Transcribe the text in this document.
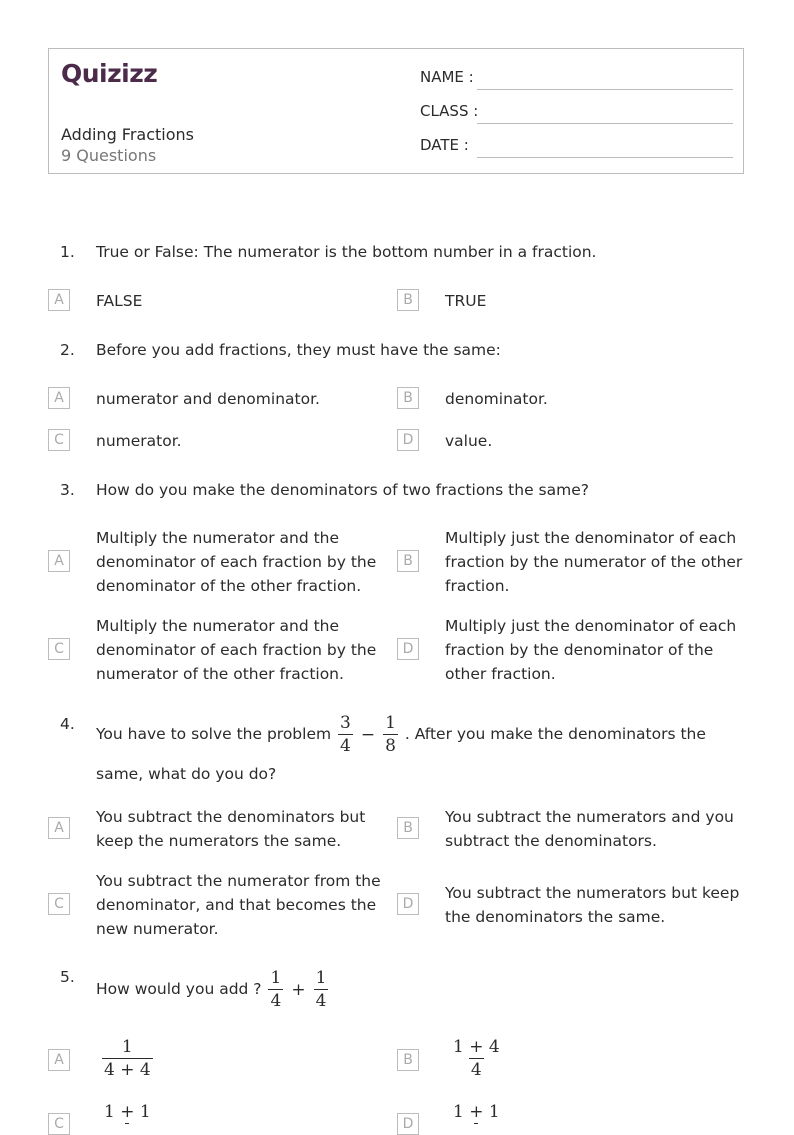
Quizizz
Adding Fractions
9 Questions
NAME :
CLASS :
DATE :
1. True or False: The numerator is the bottom number in a fraction.
A	FALSE	B	TRUE
2. Before you add fractions, they must have the same:
A	numerator and denominator.	B	denominator.
C	numerator.	D	value.
3. How do you make the denominators of two fractions the same?
A
Multiply the numerator and the denominator of each fraction by the denominator of the other fraction.
B
Multiply just the denominator of each fraction by the numerator of the other fraction.
C
Multiply the numerator and the denominator of each fraction by the numerator of the other fraction.
D
Multiply just the denominator of each fraction by the denominator of the other fraction.
4.
You have to solve the problem $\frac{3}{4} - \frac{1}{8}$ . After you make the denominators the same, what do you do?
A
You subtract the denominators but keep the numerators the same.
B
You subtract the numerators and you subtract the denominators.
C
You subtract the numerator from the denominator, and that becomes the new numerator.
D
You subtract the numerators but keep the denominators the same.
5.
How would you add ? $\frac{1}{4} + \frac{1}{4}$
A	$\frac{1}{4 + 4}$	B	$\frac{1 + 4}{4}$
C
1 + 1
D
1 + 1
